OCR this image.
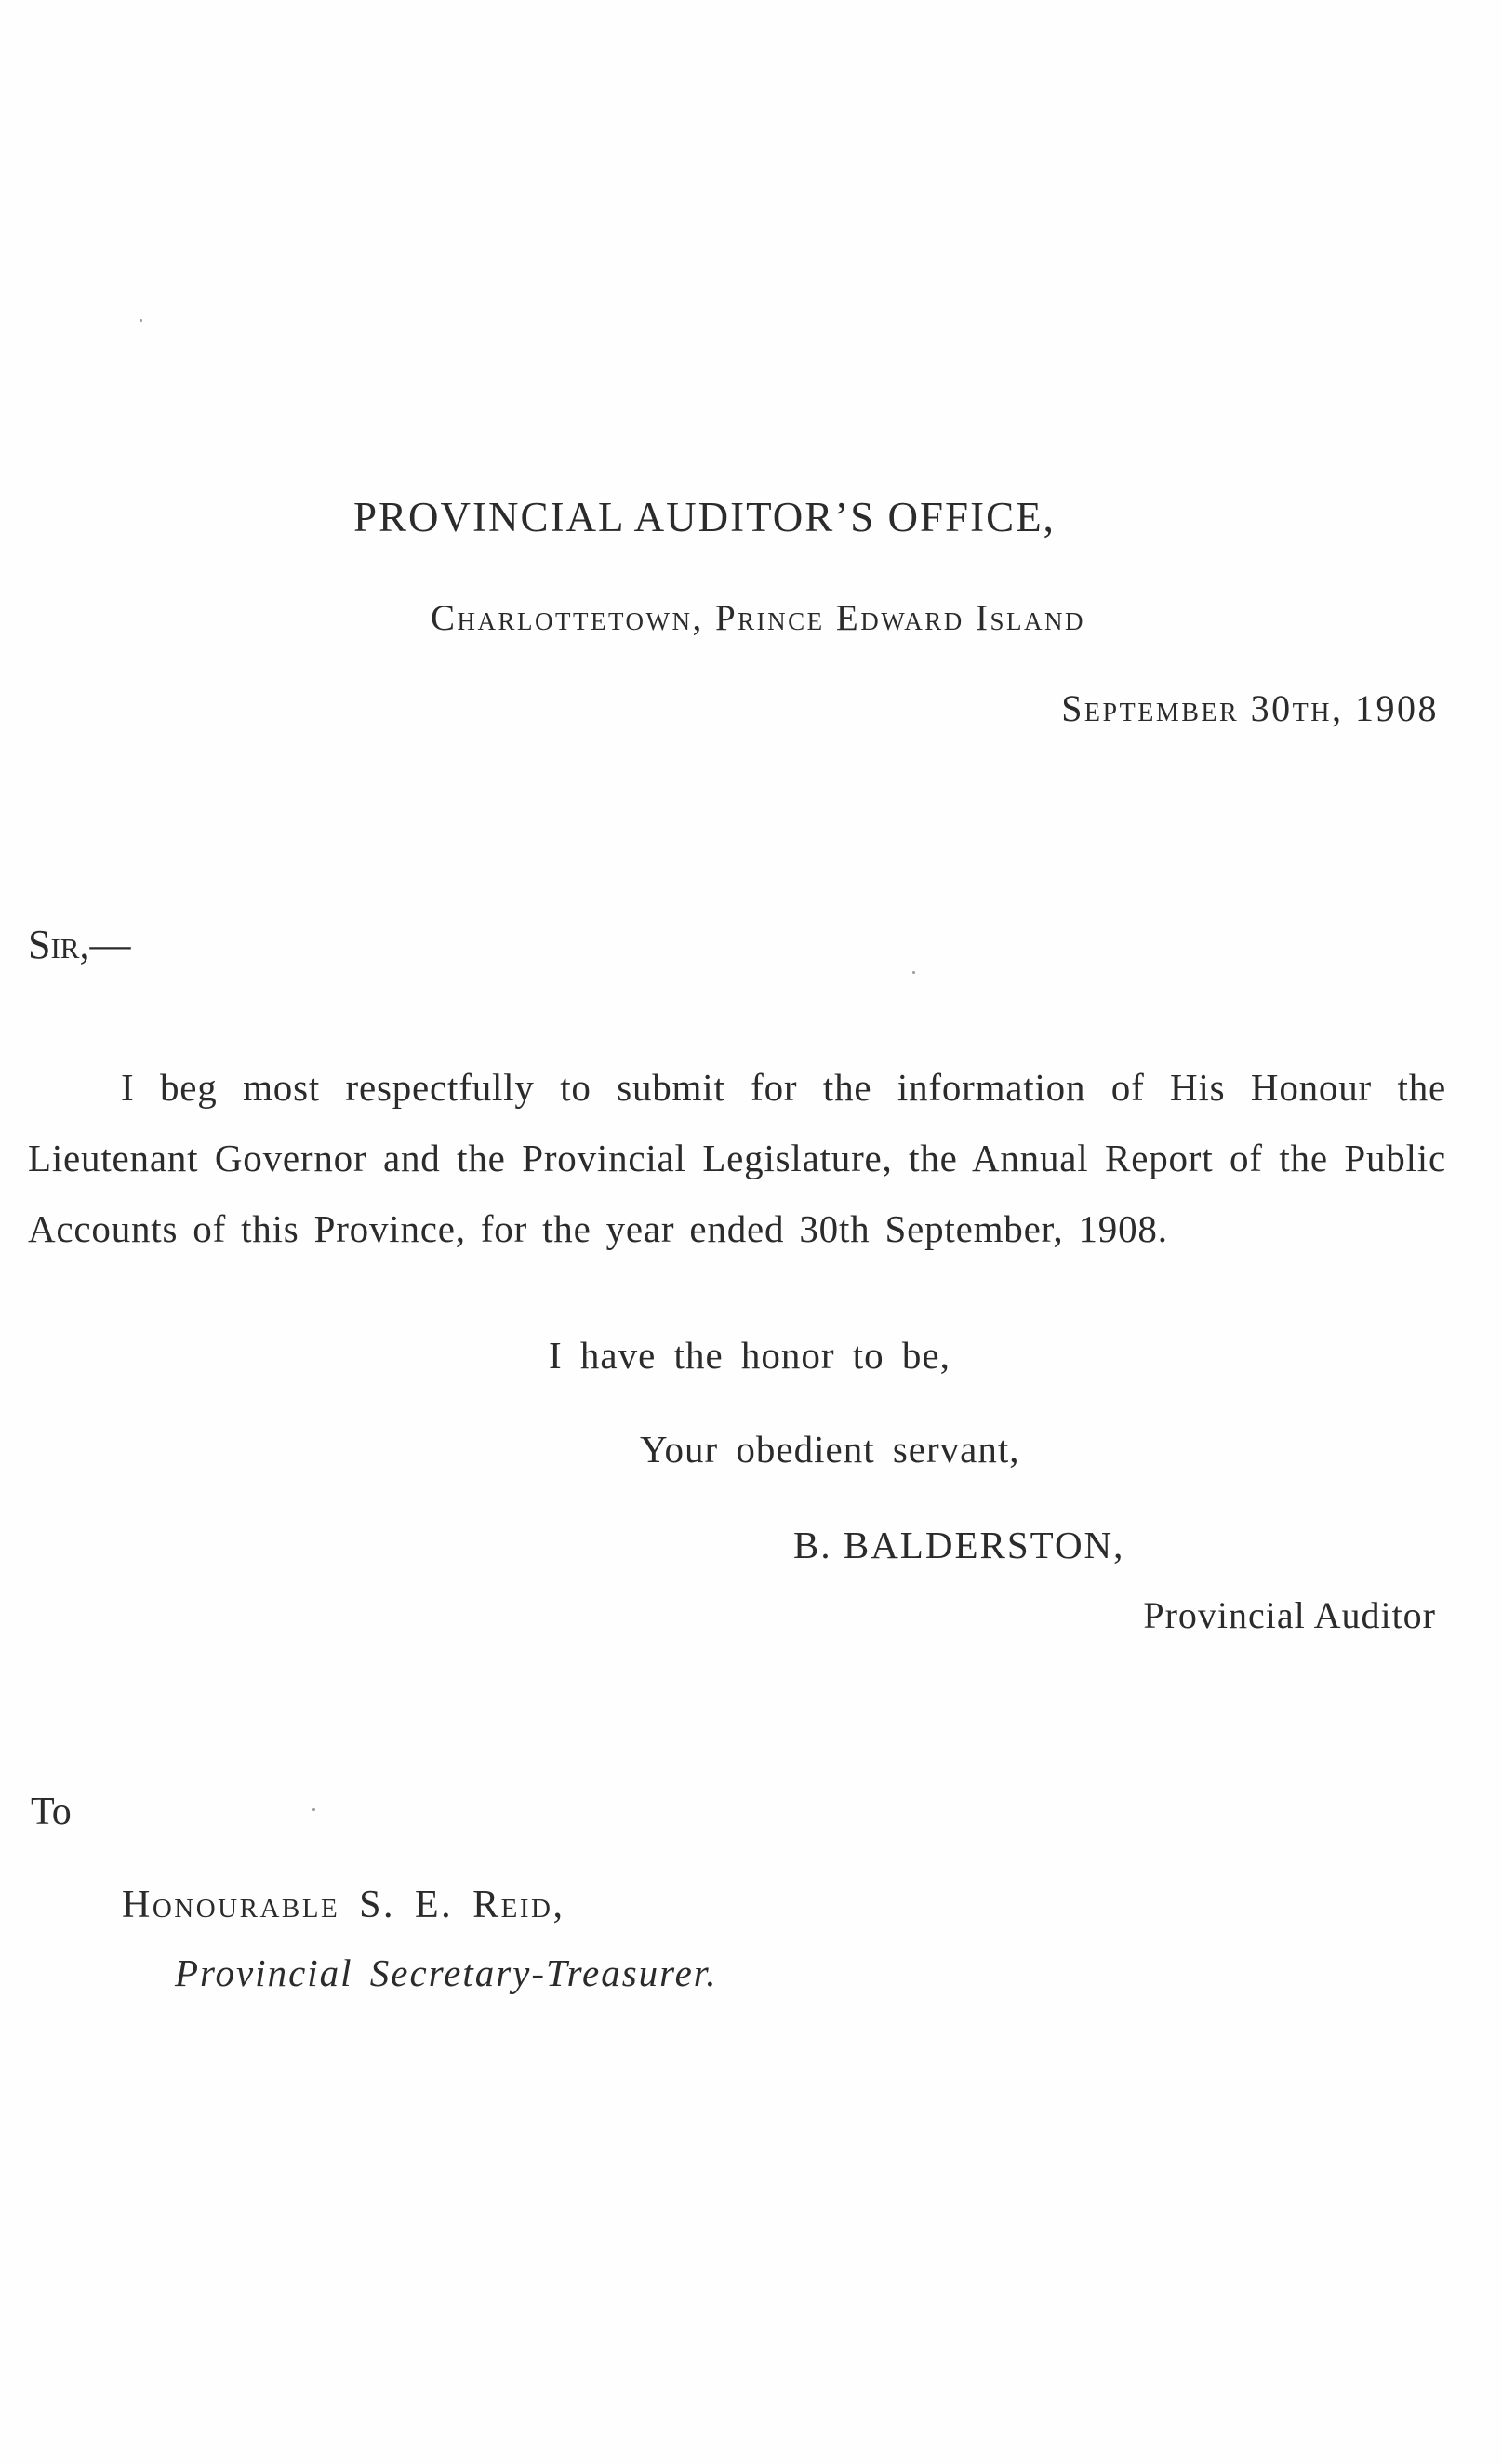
PROVINCIAL AUDITOR’S OFFICE,
Charlottetown, Prince Edward Island
September 30th, 1908
Sir,—

I beg most respectfully to submit for the information of His Honour the Lieutenant Governor and the Provincial Legislature, the Annual Report of the Public Accounts of this Province, for the year ended 30th September, 1908.

I have the honor to be,
Your obedient servant,
B. BALDERSTON,
Provincial Auditor
To
Honourable S. E. Reid,
Provincial Secretary-Treasurer.
